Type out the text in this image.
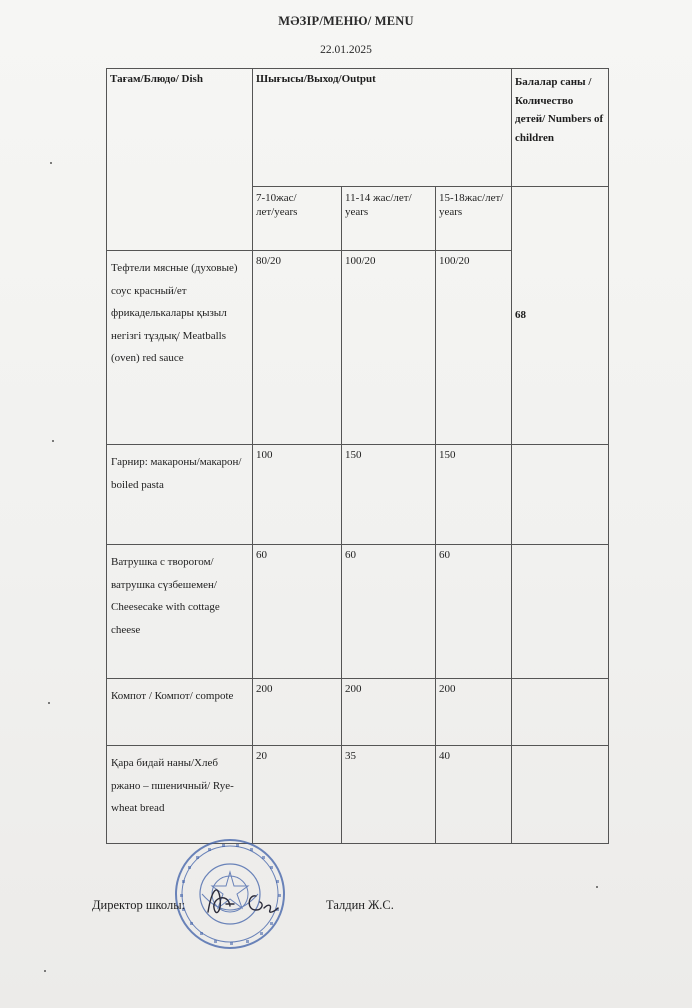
МӘЗІР/МЕНЮ/ MENU
22.01.2025
Тағам/Блюдо/ Dish	Шығысы/Выход/Output			Балалар саны /Количество детей/ Numbers of children
	7-10жас/лет/years	11-14 жас/лет/ years	15-18жас/лет/ years	68
Тефтели мясные (духовые) соус красный/ет фрикаделькалары қызыл негізгі тұздық/ Meatballs (oven) red sauce	80/20	100/20	100/20	
Гарнир: макароны/макарон/ boiled pasta	100	150	150	
Ватрушка с творогом/ ватрушка сүзбешемен/ Cheesecake with cottage cheese	60	60	60	
Компот / Компот/ compote	200	200	200	
Қара бидай наны/Хлеб ржано – пшеничный/ Rye-wheat bread	20	35	40	
Директор школы:	Талдин Ж.С.
